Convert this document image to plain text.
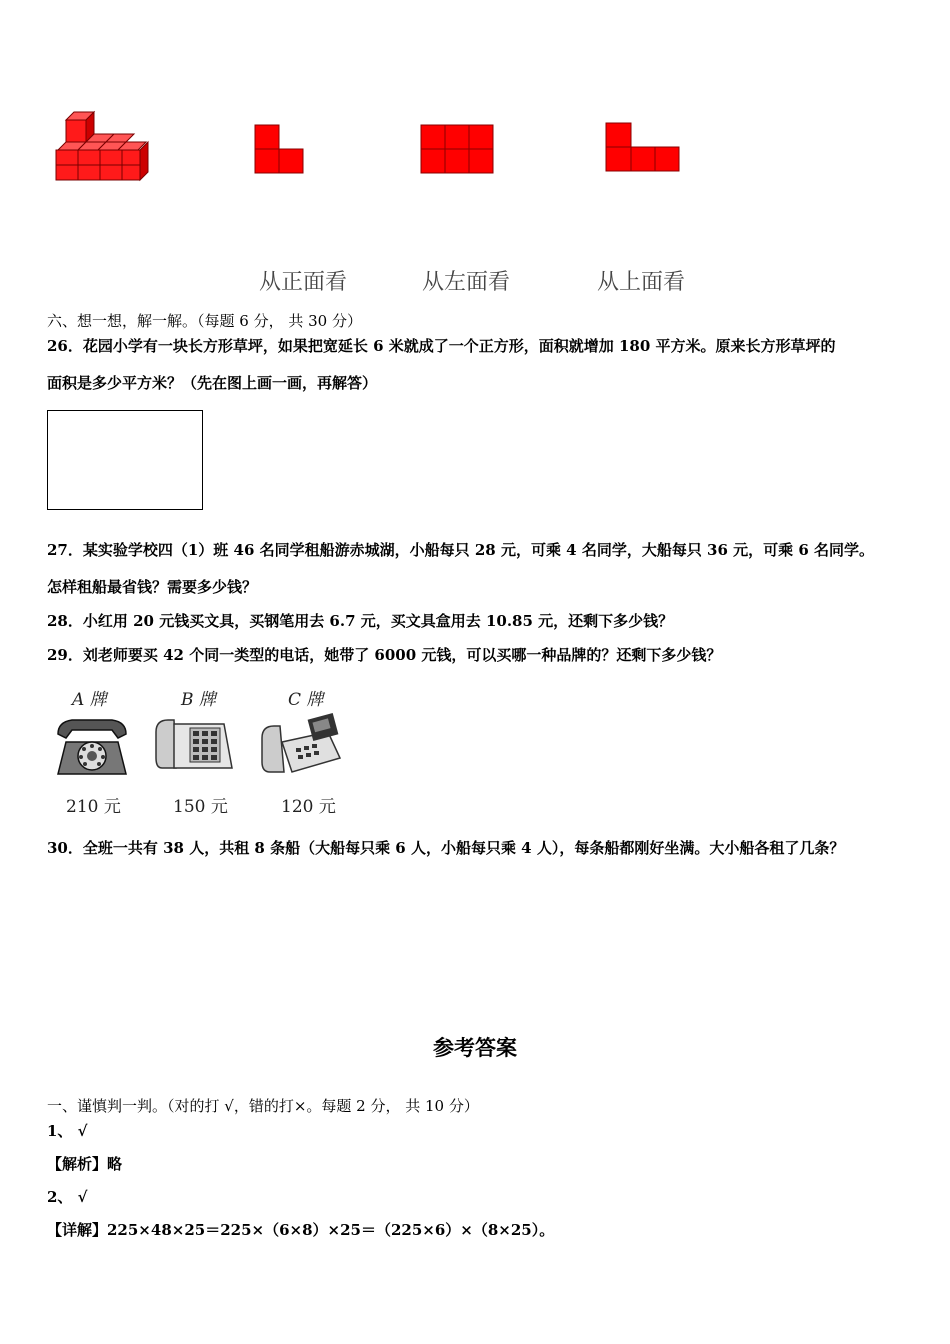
从正面看	从左面看	从上面看
六、想一想，解一解。（每题 6 分， 共 30 分）
26．花园小学有一块长方形草坪，如果把宽延长 6 米就成了一个正方形，面积就增加 180 平方米。原来长方形草坪的
面积是多少平方米？（先在图上画一画，再解答）
27．某实验学校四（1）班 46 名同学租船游赤城湖，小船每只 28 元，可乘 4 名同学，大船每只 36 元，可乘 6 名同学。
怎样租船最省钱？需要多少钱？
28．小红用 20 元钱买文具，买钢笔用去 6.7 元，买文具盒用去 10.85 元，还剩下多少钱？
29．刘老师要买 42 个同一类型的电话，她带了 6000 元钱，可以买哪一种品牌的？还剩下多少钱？
A 牌	B 牌	C 牌
210 元	150 元	120 元
30．全班一共有 38 人，共租 8 条船（大船每只乘 6 人，小船每只乘 4 人），每条船都刚好坐满。大小船各租了几条？
参考答案
一、谨慎判一判。（对的打 √，错的打×。每题 2 分， 共 10 分）
1、 √
【解析】略
2、 √
【详解】225×48×25＝225×（6×8）×25＝（225×6）×（8×25）。
